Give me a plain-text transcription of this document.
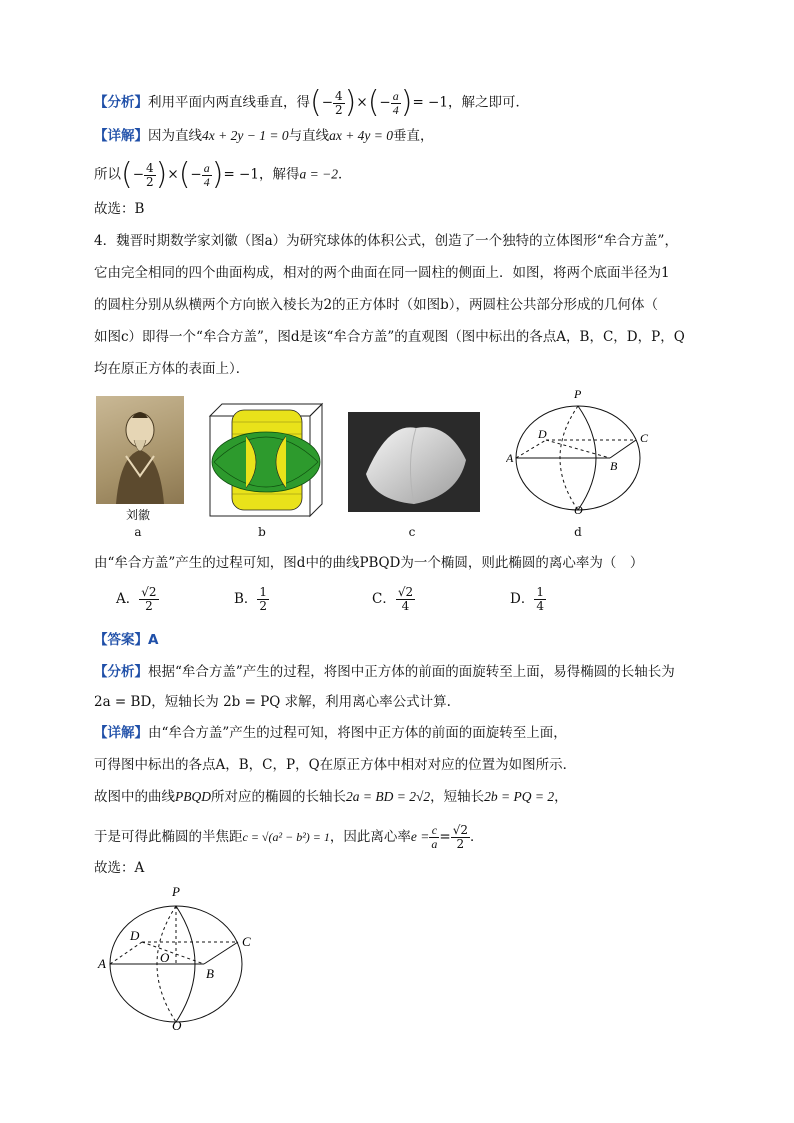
【分析】利用平面内两直线垂直，得(− $\frac{4}{2}$ )×(− $\frac{a}{4}$ )= −1，解之即可．
【详解】因为直线4x + 2y − 1 = 0与直线ax + 4y = 0垂直，
所以(− $\frac{4}{2}$ )×(− $\frac{a}{4}$ )= −1，解得a = −2．
故选：B
4．魏晋时期数学家刘徽（图a）为研究球体的体积公式，创造了一个独特的立体图形“牟合方盖”，
它由完全相同的四个曲面构成，相对的两个曲面在同一圆柱的侧面上．如图，将两个底面半径为1
的圆柱分别从纵横两个方向嵌入棱长为2的正方体时（如图b），两圆柱公共部分形成的几何体（
如图c）即得一个“牟合方盖”，图d是该“牟合方盖”的直观图（图中标出的各点A，B，C，D，P，Q
均在原正方体的表面上）．
刘徽
a	b	c
P
D	C
A
B
Q
d
由“牟合方盖”产生的过程可知，图d中的曲线PBQD为一个椭圆，则此椭圆的离心率为（　）
A． $\frac{√2}{2}$	B． $\frac{1}{2}$	C． $\frac{√2}{4}$	D． $\frac{1}{4}$
【答案】A
【分析】根据“牟合方盖”产生的过程，将图中正方体的前面的面旋转至上面，易得椭圆的长轴长为
2a = BD，短轴长为 2b = PQ 求解，利用离心率公式计算.
【详解】由“牟合方盖”产生的过程可知，将图中正方体的前面的面旋转至上面，
可得图中标出的各点A，B，C，P，Q在原正方体中相对对应的位置为如图所示．
故图中的曲线PBQD所对应的椭圆的长轴长2a = BD = 2√2，短轴长2b = PQ = 2，
于是可得此椭圆的半焦距c = √(a² − b²) = 1，因此离心率$e = \frac{c}{a} = \frac{√2}{2}$ ．
故选：A
P
D	C
A	O
B
Q
